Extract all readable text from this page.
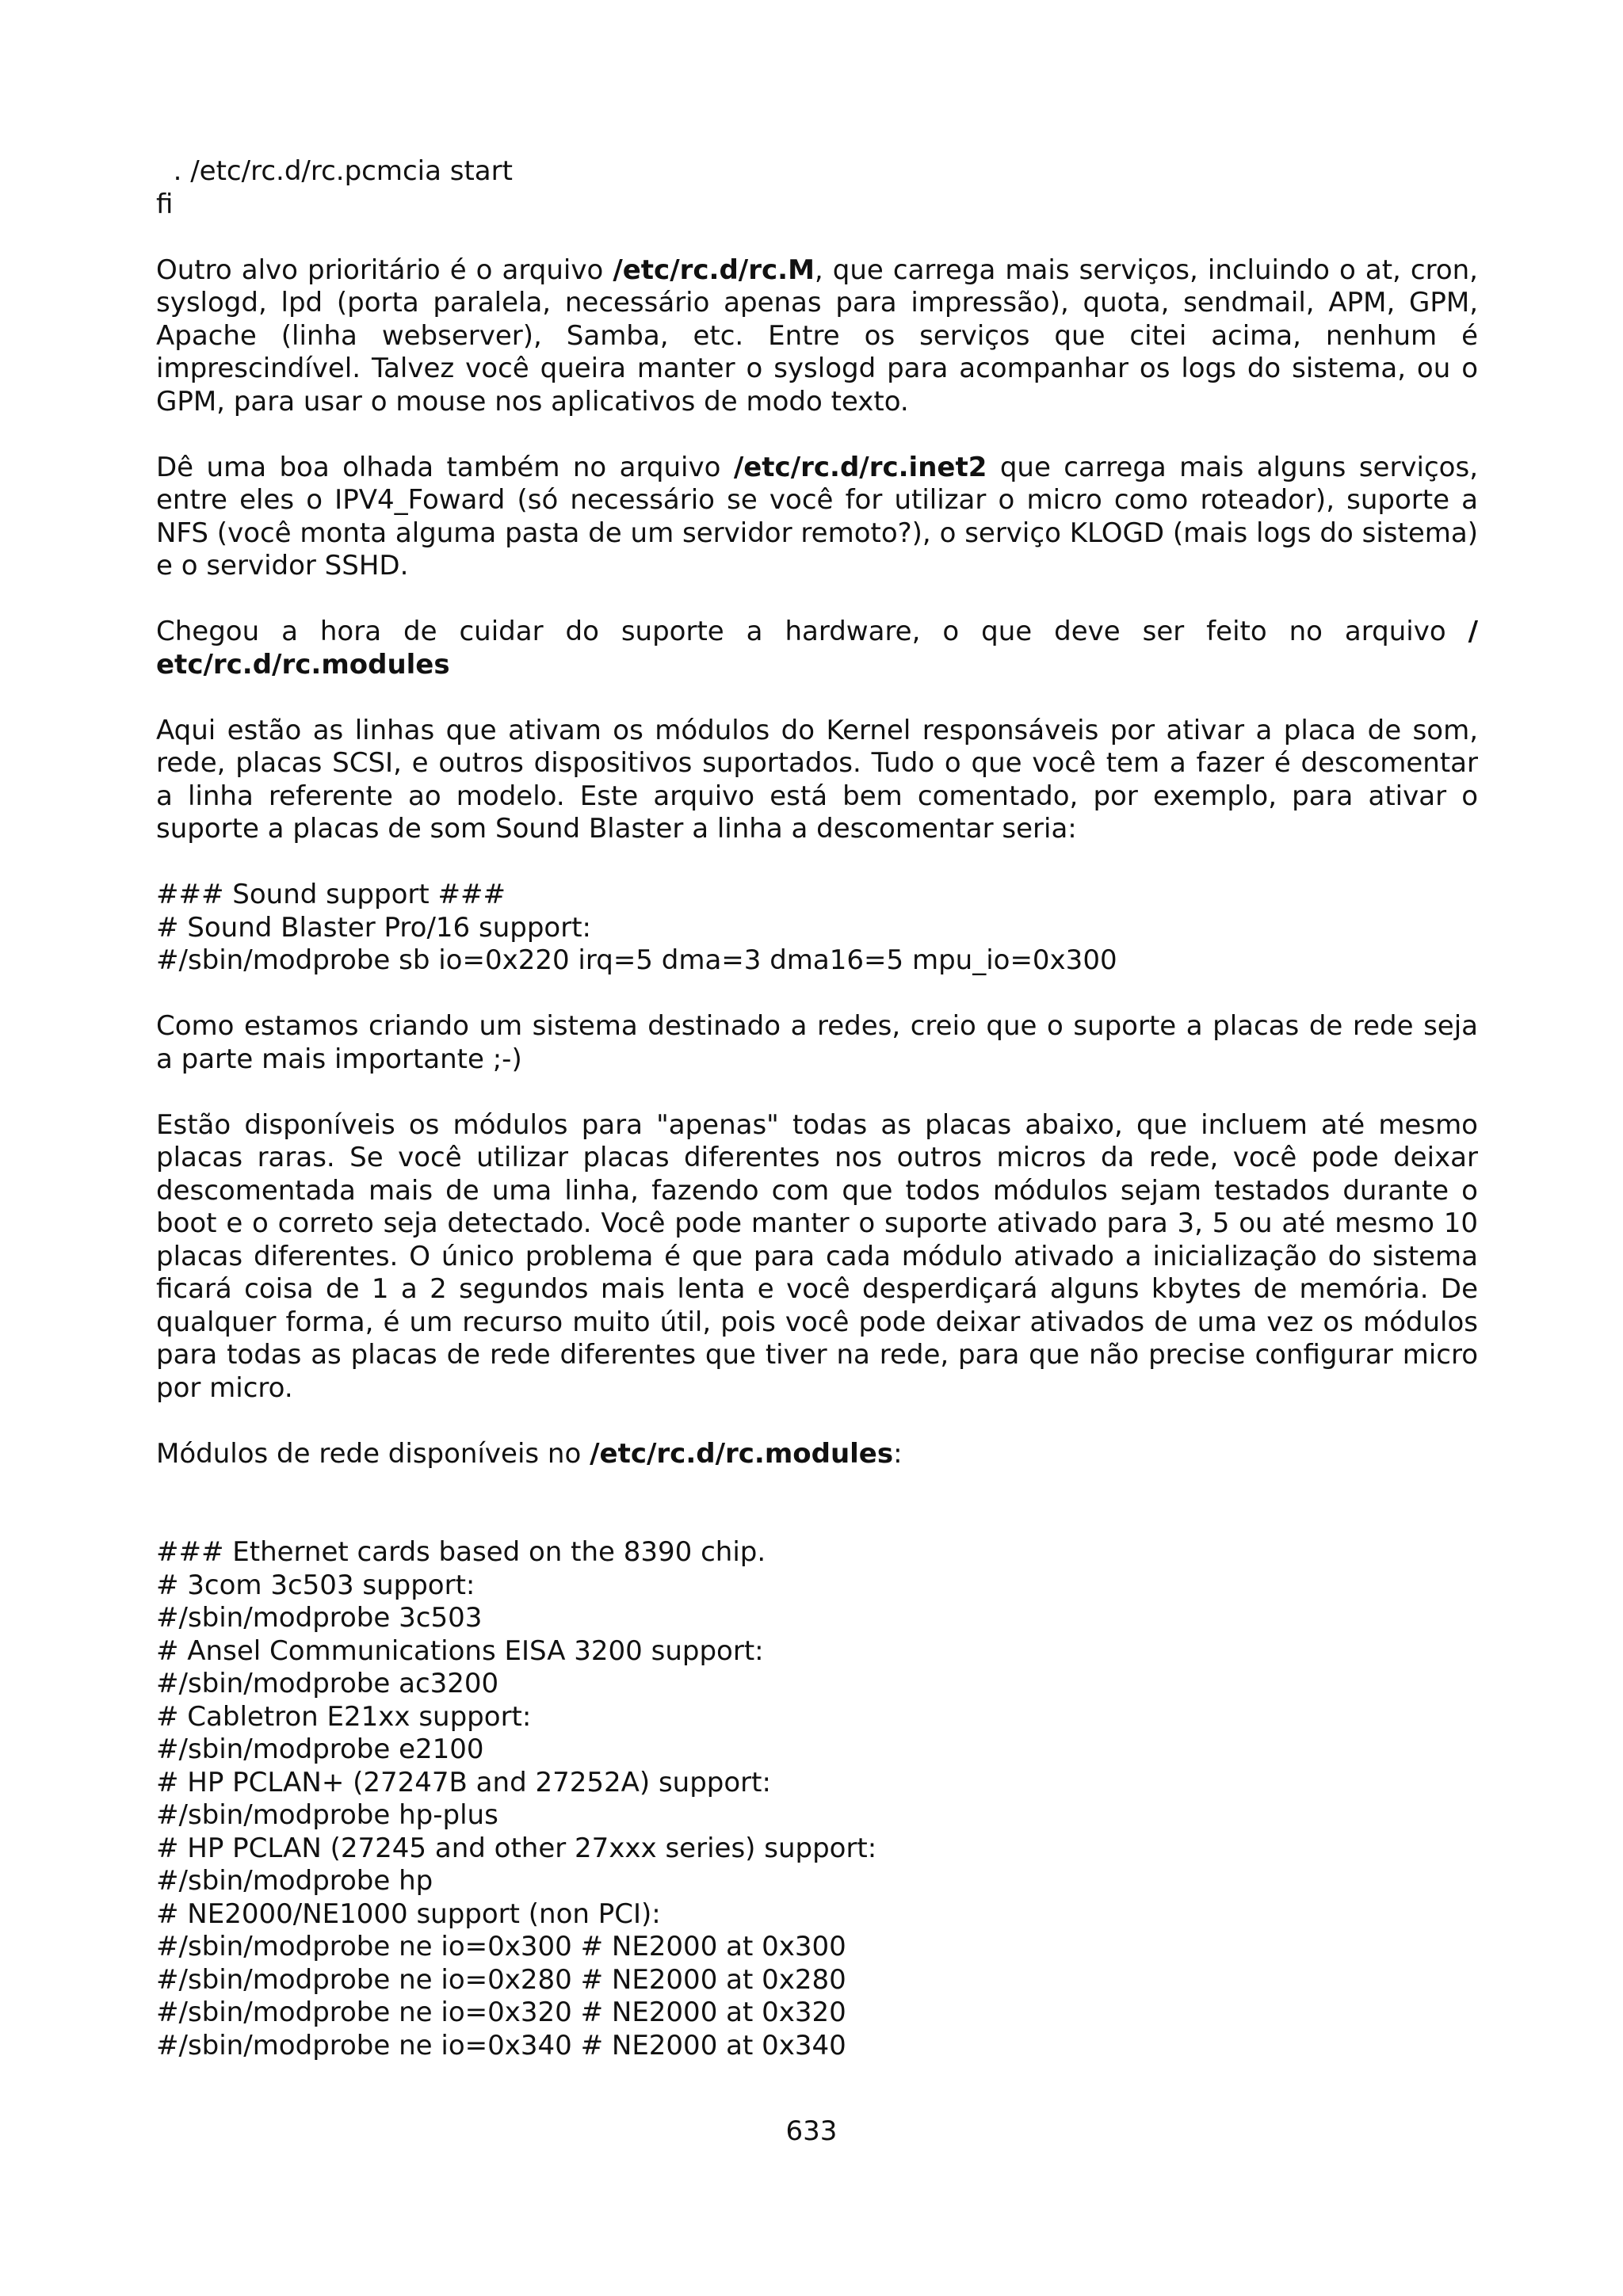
. /etc/rc.d/rc.pcmcia start
fi

Outro alvo prioritário é o arquivo /etc/rc.d/rc.M, que carrega mais serviços, incluindo o at, cron, syslogd, lpd (porta paralela, necessário apenas para impressão), quota, sendmail, APM, GPM, Apache (linha webserver), Samba, etc. Entre os serviços que citei acima, nenhum é imprescindível. Talvez você queira manter o syslogd para acompanhar os logs do sistema, ou o GPM, para usar o mouse nos aplicativos de modo texto.

Dê uma boa olhada também no arquivo /etc/rc.d/rc.inet2 que carrega mais alguns serviços, entre eles o IPV4_Foward (só necessário se você for utilizar o micro como roteador), suporte a NFS (você monta alguma pasta de um servidor remoto?), o serviço KLOGD (mais logs do sistema) e o servidor SSHD.

Chegou a hora de cuidar do suporte a hardware, o que deve ser feito no arquivo / etc/rc.d/rc.modules

Aqui estão as linhas que ativam os módulos do Kernel responsáveis por ativar a placa de som, rede, placas SCSI, e outros dispositivos suportados. Tudo o que você tem a fazer é descomentar a linha referente ao modelo. Este arquivo está bem comentado, por exemplo, para ativar o suporte a placas de som Sound Blaster a linha a descomentar seria:

### Sound support ###
# Sound Blaster Pro/16 support:
#/sbin/modprobe sb io=0x220 irq=5 dma=3 dma16=5 mpu_io=0x300

Como estamos criando um sistema destinado a redes, creio que o suporte a placas de rede seja a parte mais importante ;-)

Estão disponíveis os módulos para "apenas" todas as placas abaixo, que incluem até mesmo placas raras. Se você utilizar placas diferentes nos outros micros da rede, você pode deixar descomentada mais de uma linha, fazendo com que todos módulos sejam testados durante o boot e o correto seja detectado. Você pode manter o suporte ativado para 3, 5 ou até mesmo 10 placas diferentes. O único problema é que para cada módulo ativado a inicialização do sistema ficará coisa de 1 a 2 segundos mais lenta e você desperdiçará alguns kbytes de memória. De qualquer forma, é um recurso muito útil, pois você pode deixar ativados de uma vez os módulos para todas as placas de rede diferentes que tiver na rede, para que não precise configurar micro por micro.

Módulos de rede disponíveis no /etc/rc.d/rc.modules:

### Ethernet cards based on the 8390 chip.
# 3com 3c503 support:
#/sbin/modprobe 3c503
# Ansel Communications EISA 3200 support:
#/sbin/modprobe ac3200
# Cabletron E21xx support:
#/sbin/modprobe e2100
# HP PCLAN+ (27247B and 27252A) support:
#/sbin/modprobe hp-plus
# HP PCLAN (27245 and other 27xxx series) support:
#/sbin/modprobe hp
# NE2000/NE1000 support (non PCI):
#/sbin/modprobe ne io=0x300 # NE2000 at 0x300
#/sbin/modprobe ne io=0x280 # NE2000 at 0x280
#/sbin/modprobe ne io=0x320 # NE2000 at 0x320
#/sbin/modprobe ne io=0x340 # NE2000 at 0x340
633
